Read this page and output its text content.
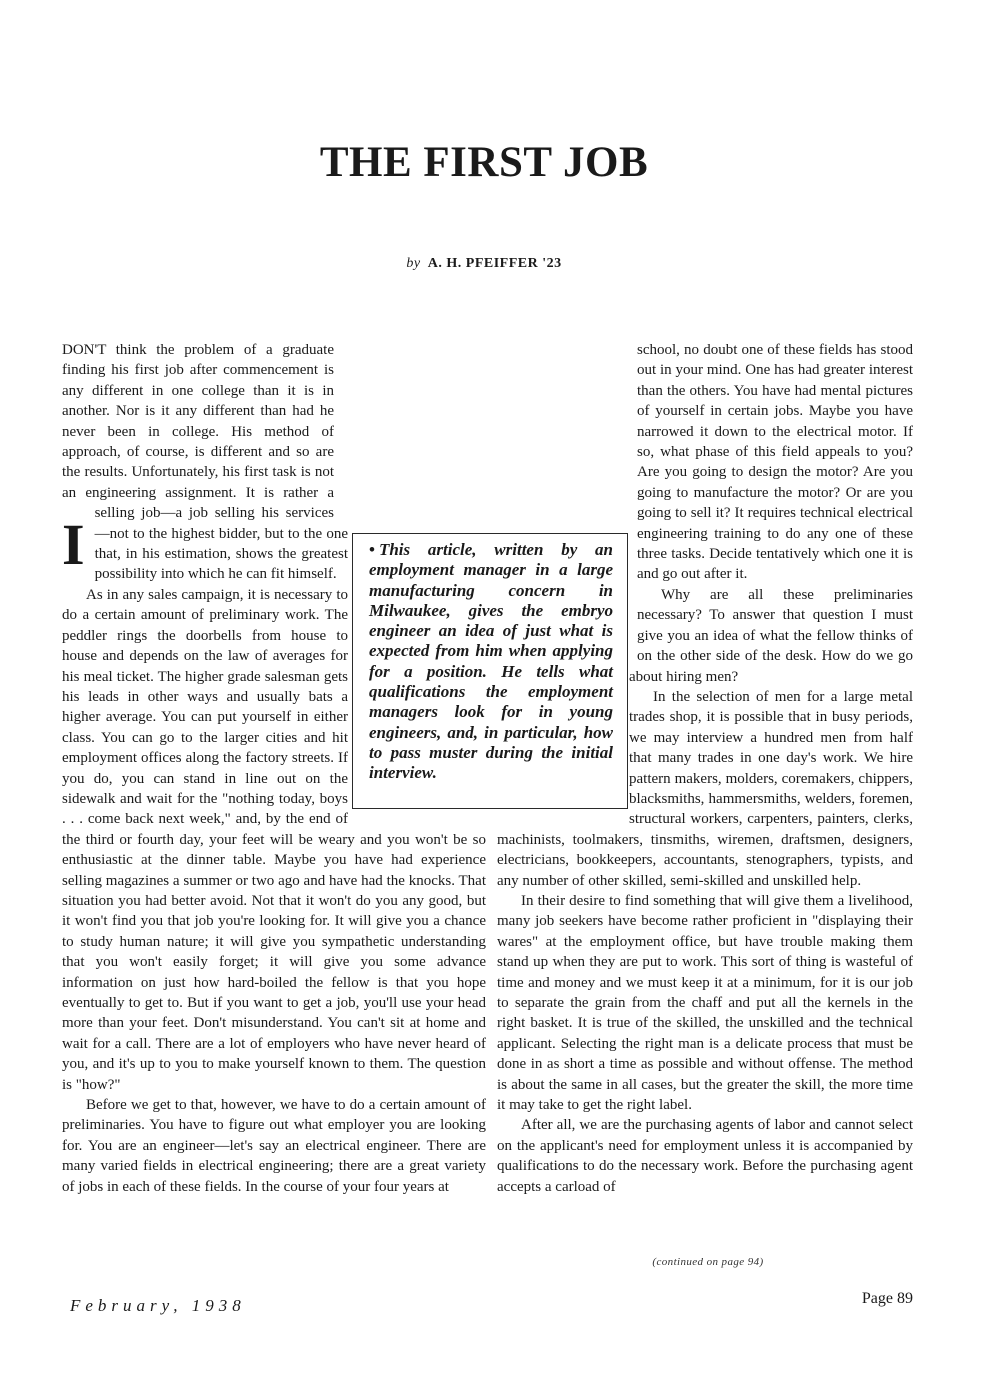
THE FIRST JOB
by A. H. PFEIFFER '23

I
DON'T think the problem of a graduate finding his first job after commencement is any different in one college than it is in another. Nor is it any different than had he never been in college. His method of approach, of course, is different and so are the results. Unfortunately, his first task is not an engineering assignment. It is rather a selling job—a job selling his services—not to the highest bidder, but to the one that, in his estimation, shows the greatest possibility into which he can fit himself.

As in any sales campaign, it is necessary to do a certain amount of preliminary work. The peddler rings the doorbells from house to house and depends on the law of averages for his meal ticket. The higher grade salesman gets his leads in other ways and usually bats a higher average. You can put yourself in either class. You can go to the larger cities and hit employment offices along the factory streets. If you do, you can stand in line out on the sidewalk and wait for the "nothing today, boys . . . come back next week," and, by the end of the third or fourth day, your feet will be weary and you won't be so enthusiastic at the dinner table. Maybe you have had experience selling magazines a summer or two ago and have had the knocks. That situation you had better avoid. Not that it won't do you any good, but it won't find you that job you're looking for. It will give you a chance to study human nature; it will give you sympathetic understanding that you won't easily forget; it will give you some advance information on just how hard-boiled the fellow is that you hope eventually to get to. But if you want to get a job, you'll use your head more than your feet. Don't misunderstand. You can't sit at home and wait for a call. There are a lot of employers who have never heard of you, and it's up to you to make yourself known to them. The question is "how?"

Before we get to that, however, we have to do a certain amount of preliminaries. You have to figure out what employer you are looking for. You are an engineer—let's say an electrical engineer. There are many varied fields in electrical engineering; there are a great variety of jobs in each of these fields. In the course of your four years at

school, no doubt one of these fields has stood out in your mind. One has had greater interest than the others. You have had mental pictures of yourself in certain jobs. Maybe you have narrowed it down to the electrical motor. If so, what phase of this field appeals to you? Are you going to design the motor? Are you going to manufacture the motor? Or are you going to sell it? It requires technical electrical engineering training to do any one of these three tasks. Decide tentatively which one it is and go out after it.

Why are all these preliminaries necessary? To answer that question I must give you an idea of what the fellow thinks of on the other side of the desk. How do we go about hiring men?

In the selection of men for a large metal trades shop, it is possible that in busy periods, we may interview a hundred men from half that many trades in one day's work. We hire pattern makers, molders, coremakers, chippers, blacksmiths, hammersmiths, welders, foremen, structural workers, carpenters, painters, clerks, machinists, toolmakers, tinsmiths, wiremen, draftsmen, designers, electricians, bookkeepers, accountants, stenographers, typists, and any number of other skilled, semi-skilled and unskilled help.

In their desire to find something that will give them a livelihood, many job seekers have become rather proficient in "displaying their wares" at the employment office, but have trouble making them stand up when they are put to work. This sort of thing is wasteful of time and money and we must keep it at a minimum, for it is our job to separate the grain from the chaff and put all the kernels in the right basket. It is true of the skilled, the unskilled and the technical applicant. Selecting the right man is a delicate process that must be done in as short a time as possible and without offense. The method is about the same in all cases, but the greater the skill, the more time it may take to get the right label.

After all, we are the purchasing agents of labor and cannot select on the applicant's need for employment unless it is accompanied by qualifications to do the necessary work. Before the purchasing agent accepts a carload of

• This article, written by an employment manager in a large manufacturing concern in Milwaukee, gives the embryo engineer an idea of just what is expected from him when applying for a position. He tells what qualifications the employment managers look for in young engineers, and, in particular, how to pass muster during the initial interview.
(continued on page 94)
February, 1938	Page 89
